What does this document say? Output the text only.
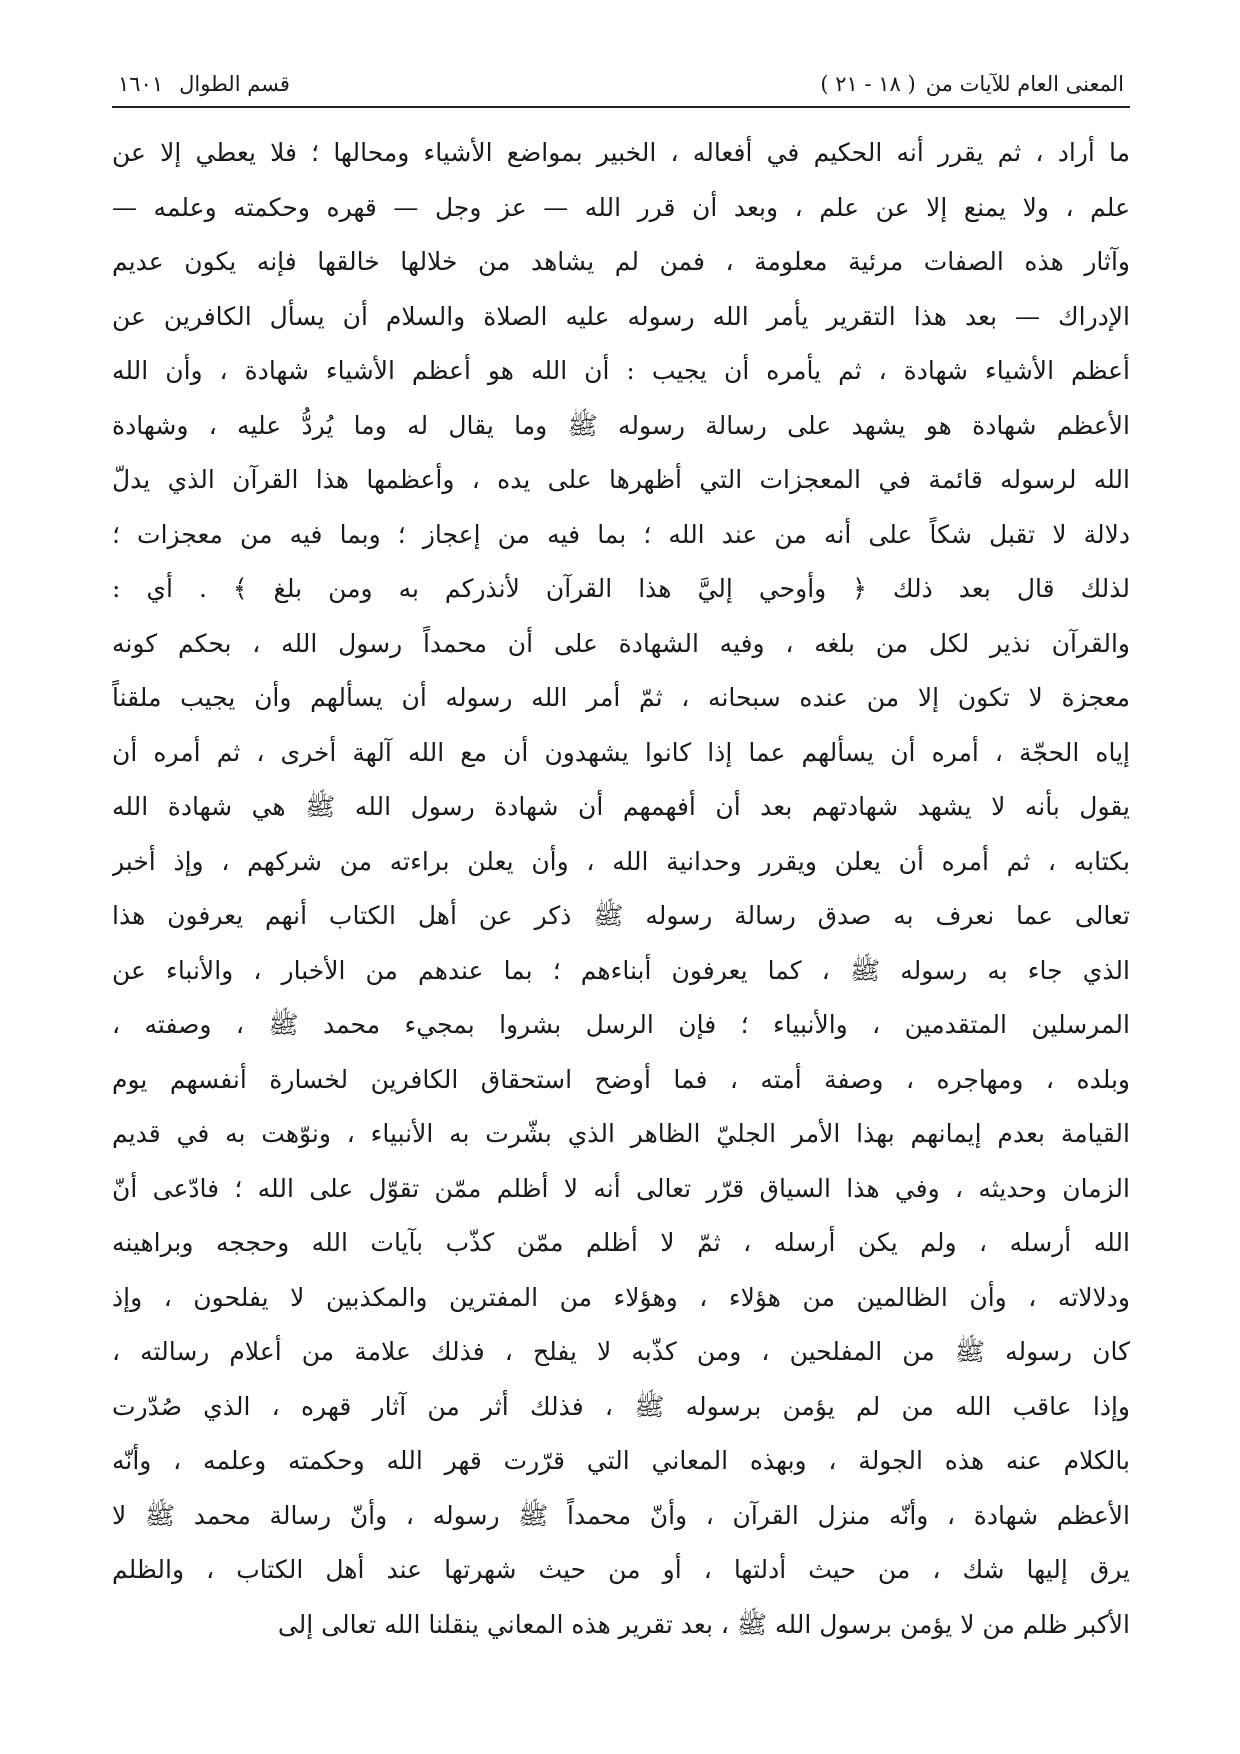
المعنى العام للآيات من
( ١٨ - ٢١ )
قسم الطوال
١٦٠١
ما أراد ، ثم يقرر أنه الحكيم في أفعاله ، الخبير بمواضع الأشياء ومحالها ؛ فلا يعطي إلا عن
علم ، ولا يمنع إلا عن علم ، وبعد أن قرر الله — عز وجل — قهره وحكمته وعلمه —
وآثار هذه الصفات مرئية معلومة ، فمن لم يشاهد من خلالها خالقها فإنه يكون عديم
الإدراك — بعد هذا التقرير يأمر الله رسوله عليه الصلاة والسلام أن يسأل الكافرين عن
أعظم الأشياء شهادة ، ثم يأمره أن يجيب : أن الله هو أعظم الأشياء شهادة ، وأن الله
الأعظم شهادة هو يشهد على رسالة رسوله ﷺ وما يقال له وما يُردُّ عليه ، وشهادة
الله لرسوله قائمة في المعجزات التي أظهرها على يده ، وأعظمها هذا القرآن الذي يدلّ
دلالة لا تقبل شكاً على أنه من عند الله ؛ بما فيه من إعجاز ؛ وبما فيه من معجزات ؛
لذلك قال بعد ذلك ﴿ وأوحي إليَّ هذا القرآن لأنذركم به ومن بلغ ﴾ . أي :
والقرآن نذير لكل من بلغه ، وفيه الشهادة على أن محمداً رسول الله ، بحكم كونه
معجزة لا تكون إلا من عنده سبحانه ، ثمّ أمر الله رسوله أن يسألهم وأن يجيب ملقناً
إياه الحجّة ، أمره أن يسألهم عما إذا كانوا يشهدون أن مع الله آلهة أخرى ، ثم أمره أن
يقول بأنه لا يشهد شهادتهم بعد أن أفهمهم أن شهادة رسول الله ﷺ هي شهادة الله
بكتابه ، ثم أمره أن يعلن ويقرر وحدانية الله ، وأن يعلن براءته من شركهم ، وإذ أخبر
تعالى عما نعرف به صدق رسالة رسوله ﷺ ذكر عن أهل الكتاب أنهم يعرفون هذا
الذي جاء به رسوله ﷺ ، كما يعرفون أبناءهم ؛ بما عندهم من الأخبار ، والأنباء عن
المرسلين المتقدمين ، والأنبياء ؛ فإن الرسل بشروا بمجيء محمد ﷺ ، وصفته ،
وبلده ، ومهاجره ، وصفة أمته ، فما أوضح استحقاق الكافرين لخسارة أنفسهم يوم
القيامة بعدم إيمانهم بهذا الأمر الجليّ الظاهر الذي بشّرت به الأنبياء ، ونوّهت به في قديم
الزمان وحديثه ، وفي هذا السياق قرّر تعالى أنه لا أظلم ممّن تقوّل على الله ؛ فادّعى أنّ
الله أرسله ، ولم يكن أرسله ، ثمّ لا أظلم ممّن كذّب بآيات الله وحججه وبراهينه
ودلالاته ، وأن الظالمين من هؤلاء ، وهؤلاء من المفترين والمكذبين لا يفلحون ، وإذ
كان رسوله ﷺ من المفلحين ، ومن كذّبه لا يفلح ، فذلك علامة من أعلام رسالته ،
وإذا عاقب الله من لم يؤمن برسوله ﷺ ، فذلك أثر من آثار قهره ، الذي صُدّرت
بالكلام عنه هذه الجولة ، وبهذه المعاني التي قرّرت قهر الله وحكمته وعلمه ، وأنّه
الأعظم شهادة ، وأنّه منزل القرآن ، وأنّ محمداً ﷺ رسوله ، وأنّ رسالة محمد ﷺ لا
يرق إليها شك ، من حيث أدلتها ، أو من حيث شهرتها عند أهل الكتاب ، والظلم
الأكبر ظلم من لا يؤمن برسول الله ﷺ ، بعد تقرير هذه المعاني ينقلنا الله تعالى إلى
